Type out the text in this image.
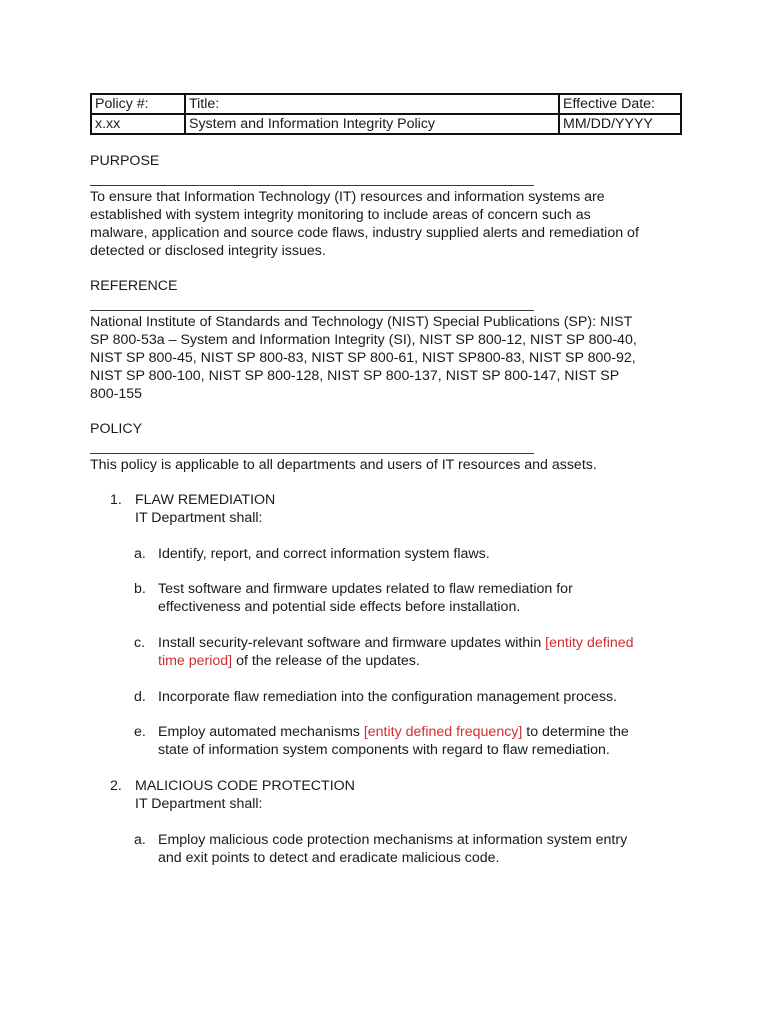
Policy #:	Title:	Effective Date:
x.xx	System and Information Integrity Policy	MM/DD/YYYY
PURPOSE
____________________________________________________________
To ensure that Information Technology (IT) resources and information systems are
established with system integrity monitoring to include areas of concern such as
malware, application and source code flaws, industry supplied alerts and remediation of
detected or disclosed integrity issues.
REFERENCE
____________________________________________________________
National Institute of Standards and Technology (NIST) Special Publications (SP): NIST
SP 800-53a – System and Information Integrity (SI), NIST SP 800-12, NIST SP 800-40,
NIST SP 800-45, NIST SP 800-83, NIST SP 800-61, NIST SP800-83, NIST SP 800-92,
NIST SP 800-100, NIST SP 800-128, NIST SP 800-137, NIST SP 800-147, NIST SP
800-155
POLICY
____________________________________________________________
This policy is applicable to all departments and users of IT resources and assets.
1. FLAW REMEDIATION
IT Department shall:
a. Identify, report, and correct information system flaws.
b. Test software and firmware updates related to flaw remediation for
effectiveness and potential side effects before installation.
c. Install security-relevant software and firmware updates within [entity defined
time period] of the release of the updates.
d. Incorporate flaw remediation into the configuration management process.
e. Employ automated mechanisms [entity defined frequency] to determine the
state of information system components with regard to flaw remediation.
2. MALICIOUS CODE PROTECTION
IT Department shall:
a. Employ malicious code protection mechanisms at information system entry
and exit points to detect and eradicate malicious code.
